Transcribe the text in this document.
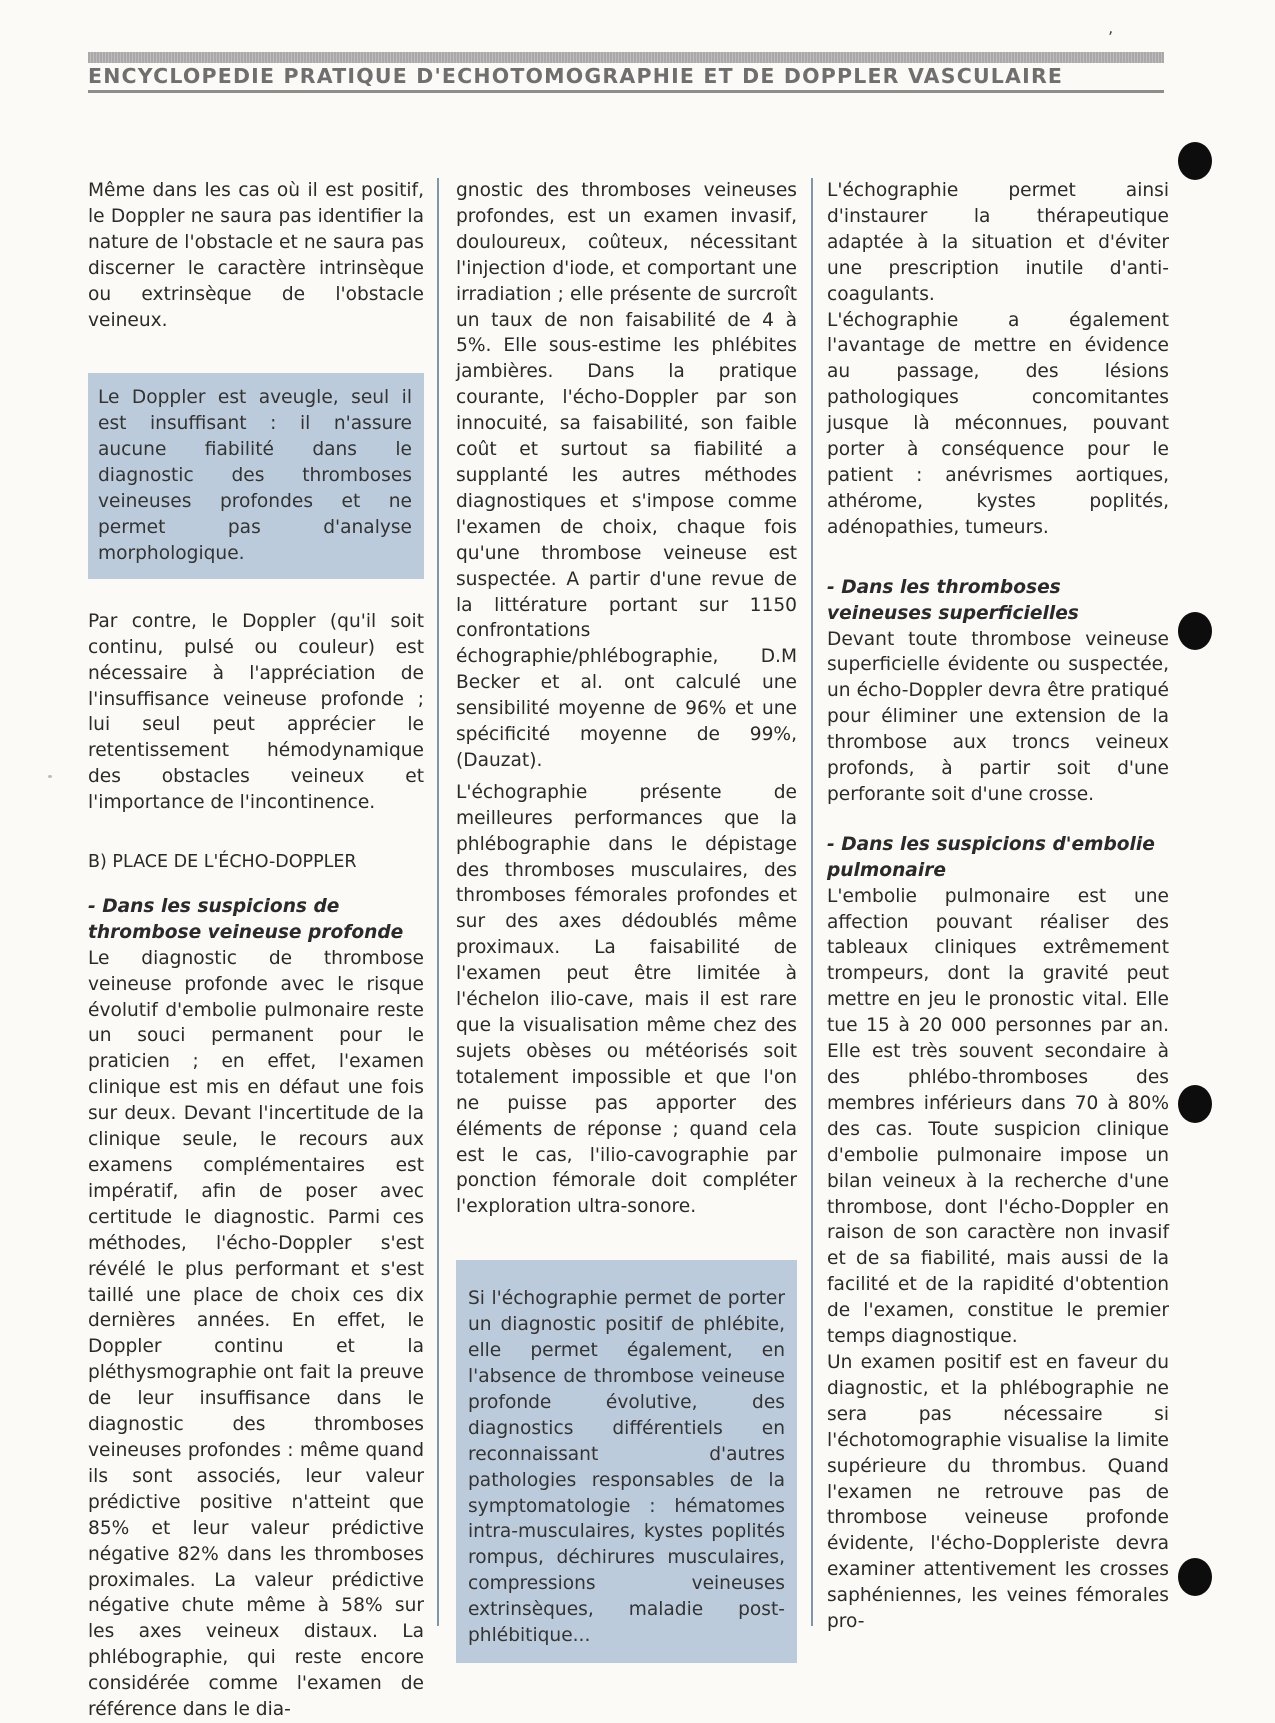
ʼ
ENCYCLOPEDIE PRATIQUE D'ECHOTOMOGRAPHIE ET DE DOPPLER VASCULAIRE

Même dans les cas où il est positif, le Doppler ne saura pas identifier la nature de l'obstacle et ne saura pas discerner le caractère intrinsèque ou extrinsèque de l'obstacle veineux.

Le Doppler est aveugle, seul il est insuffisant : il n'assure aucune fiabilité dans le diagnostic des thromboses veineuses profondes et ne permet pas d'analyse morphologique.

Par contre, le Doppler (qu'il soit continu, pulsé ou couleur) est nécessaire à l'appréciation de l'insuffisance veineuse profonde ; lui seul peut apprécier le retentissement hémodynamique des obstacles veineux et l'importance de l'incontinence.

B) PLACE DE L'ÉCHO-DOPPLER

- Dans les suspicions de thrombose veineuse profonde

Le diagnostic de thrombose veineuse profonde avec le risque évolutif d'embolie pulmonaire reste un souci permanent pour le praticien ; en effet, l'examen clinique est mis en défaut une fois sur deux. Devant l'incertitude de la clinique seule, le recours aux examens complémentaires est impératif, afin de poser avec certitude le diagnostic. Parmi ces méthodes, l'écho-Doppler s'est révélé le plus performant et s'est taillé une place de choix ces dix dernières années. En effet, le Doppler continu et la pléthysmographie ont fait la preuve de leur insuffisance dans le diagnostic des thromboses veineuses profondes : même quand ils sont associés, leur valeur prédictive positive n'atteint que 85% et leur valeur prédictive négative 82% dans les thromboses proximales. La valeur prédictive négative chute même à 58% sur les axes veineux distaux. La phlébographie, qui reste encore considérée comme l'examen de référence dans le dia-

gnostic des thromboses veineuses profondes, est un examen invasif, douloureux, coûteux, nécessitant l'injection d'iode, et comportant une irradiation ; elle présente de surcroît un taux de non faisabilité de 4 à 5%. Elle sous-estime les phlébites jambières. Dans la pratique courante, l'écho-Doppler par son innocuité, sa faisabilité, son faible coût et surtout sa fiabilité a supplanté les autres méthodes diagnostiques et s'impose comme l'examen de choix, chaque fois qu'une thrombose veineuse est suspectée. A partir d'une revue de la littérature portant sur 1150 confrontations échographie/phlébographie, D.M Becker et al. ont calculé une sensibilité moyenne de 96% et une spécificité moyenne de 99%, (Dauzat).

L'échographie présente de meilleures performances que la phlébographie dans le dépistage des thromboses musculaires, des thromboses fémorales profondes et sur des axes dédoublés même proximaux. La faisabilité de l'examen peut être limitée à l'échelon ilio-cave, mais il est rare que la visualisation même chez des sujets obèses ou météorisés soit totalement impossible et que l'on ne puisse pas apporter des éléments de réponse ; quand cela est le cas, l'ilio-cavographie par ponction fémorale doit compléter l'exploration ultra-sonore.

Si l'échographie permet de porter un diagnostic positif de phlébite, elle permet également, en l'absence de thrombose veineuse profonde évolutive, des diagnostics différentiels en reconnaissant d'autres pathologies responsables de la symptomatologie : hématomes intra-musculaires, kystes poplités rompus, déchirures musculaires, compressions veineuses extrinsèques, maladie post-phlébitique...

L'échographie permet ainsi d'instaurer la thérapeutique adaptée à la situation et d'éviter une prescription inutile d'anti-coagulants.

L'échographie a également l'avantage de mettre en évidence au passage, des lésions pathologiques concomitantes jusque là méconnues, pouvant porter à conséquence pour le patient : anévrismes aortiques, athérome, kystes poplités, adénopathies, tumeurs.

- Dans les thromboses veineuses superficielles

Devant toute thrombose veineuse superficielle évidente ou suspectée, un écho-Doppler devra être pratiqué pour éliminer une extension de la thrombose aux troncs veineux profonds, à partir soit d'une perforante soit d'une crosse.

- Dans les suspicions d'embolie pulmonaire

L'embolie pulmonaire est une affection pouvant réaliser des tableaux cliniques extrêmement trompeurs, dont la gravité peut mettre en jeu le pronostic vital. Elle tue 15 à 20 000 personnes par an. Elle est très souvent secondaire à des phlébo-thromboses des membres inférieurs dans 70 à 80% des cas. Toute suspicion clinique d'embolie pulmonaire impose un bilan veineux à la recherche d'une thrombose, dont l'écho-Doppler en raison de son caractère non invasif et de sa fiabilité, mais aussi de la facilité et de la rapidité d'obtention de l'examen, constitue le premier temps diagnostique.

Un examen positif est en faveur du diagnostic, et la phlébographie ne sera pas nécessaire si l'échotomographie visualise la limite supérieure du thrombus. Quand l'examen ne retrouve pas de thrombose veineuse profonde évidente, l'écho-Doppleriste devra examiner attentivement les crosses saphéniennes, les veines fémorales pro-
